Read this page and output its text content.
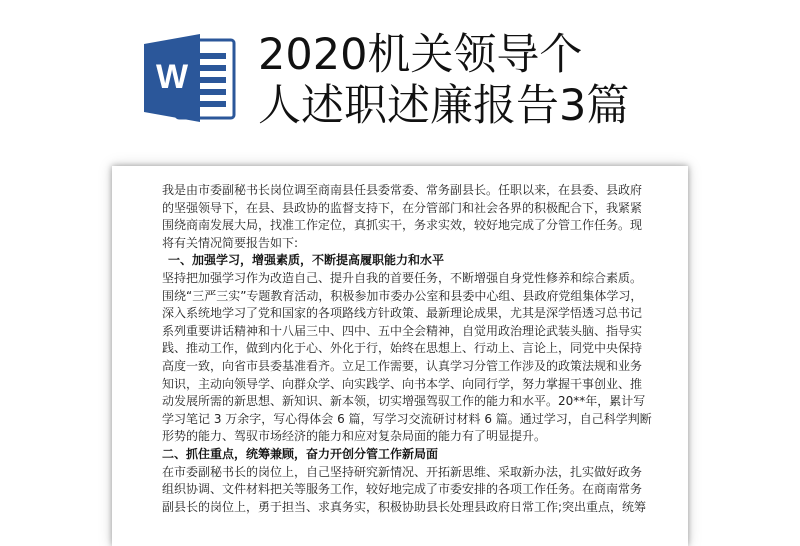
W 2020机关领导个
人述职述廉报告3篇
我是由市委副秘书长岗位调至商南县任县委常委、常务副县长。任职以来，在县委、县政府
的坚强领导下，在县、县政协的监督支持下，在分管部门和社会各界的积极配合下，我紧紧
围绕商南发展大局，找准工作定位，真抓实干，务求实效，较好地完成了分管工作任务。现
将有关情况简要报告如下:
一、加强学习，增强素质，不断提高履职能力和水平
坚持把加强学习作为改造自己、提升自我的首要任务，不断增强自身党性修养和综合素质。
围绕“三严三实”专题教育活动，积极参加市委办公室和县委中心组、县政府党组集体学习，
深入系统地学习了党和国家的各项路线方针政策、最新理论成果，尤其是深学悟透习总书记
系列重要讲话精神和十八届三中、四中、五中全会精神，自觉用政治理论武装头脑、指导实
践、推动工作，做到内化于心、外化于行，始终在思想上、行动上、言论上，同党中央保持
高度一致，向省市县委基准看齐。立足工作需要，认真学习分管工作涉及的政策法规和业务
知识，主动向领导学、向群众学、向实践学、向书本学、向同行学，努力掌握干事创业、推
动发展所需的新思想、新知识、新本领，切实增强驾驭工作的能力和水平。20**年，累计写
学习笔记 3 万余字，写心得体会 6 篇，写学习交流研讨材料 6 篇。通过学习，自己科学判断
形势的能力、驾驭市场经济的能力和应对复杂局面的能力有了明显提升。
二、抓住重点，统筹兼顾，奋力开创分管工作新局面
在市委副秘书长的岗位上，自己坚持研究新情况、开拓新思维、采取新办法，扎实做好政务
组织协调、文件材料把关等服务工作，较好地完成了市委安排的各项工作任务。在商南常务
副县长的岗位上，勇于担当、求真务实，积极协助县长处理县政府日常工作;突出重点，统筹
